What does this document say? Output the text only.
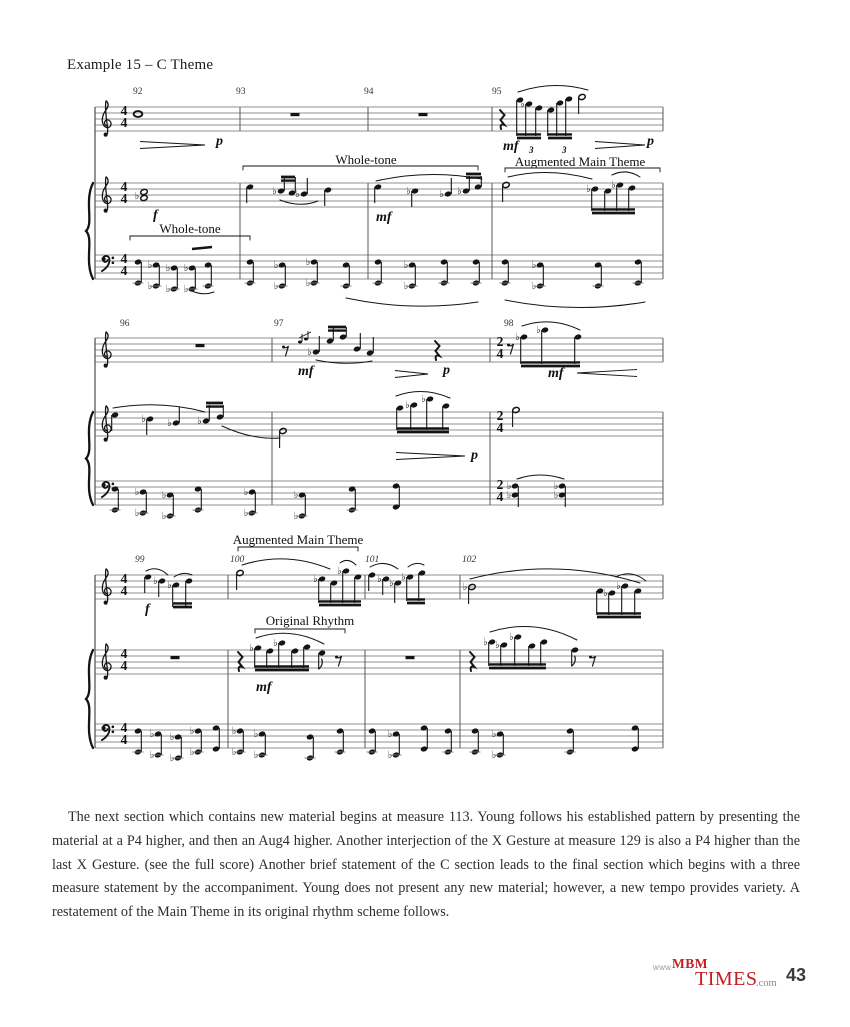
♭
♭	♭ ♭	♭	♭ ♭	♭ ♭
♭
♭
♭
♭
♭
♭
♭
♭
♭
♭
♭
♭
♭
♭
♭
♭
♭
♭ ♭	♭
♭
♭
♭
♭
♭
♭
♭
♭
♭
♭
♭
♭
♭
♭
♭ ♭
♭
♭
♭ ♭
♭
♭
♭
♭
♭ ♭	♭ ♭
♭
♭
♭
♭
♭
♭
♭
♭
♭
♭
♭
♭
♭
♭
♭
Example 15 – C Theme
92	93	94	95
4
4
4
4
4
4
p	mf 3	3
p
Whole-tone	Augmented Main Theme
Whole-tone
f	mf
96	97	98
2
4
2
4
2
4
mf	p	mf
p
Augmented Main Theme
Original Rhythm
99	100	101	102
4
4
4
4
4
4
f
mf

The next section which contains new material begins at measure 113. Young follows his established pattern by presenting the material at a P4 higher, and then an Aug4 higher. Another interjection of the X Gesture at measure 129 is also a P4 higher than the last X Gesture. (see the full score) Another brief statement of the C section leads to the final section which begins with a three measure statement by the accompaniment. Young does not present any new material; however, a new tempo provides variety. A restatement of the Main Theme in its original rhythm scheme follows.

www.
MBM
TIMES
.com 43
